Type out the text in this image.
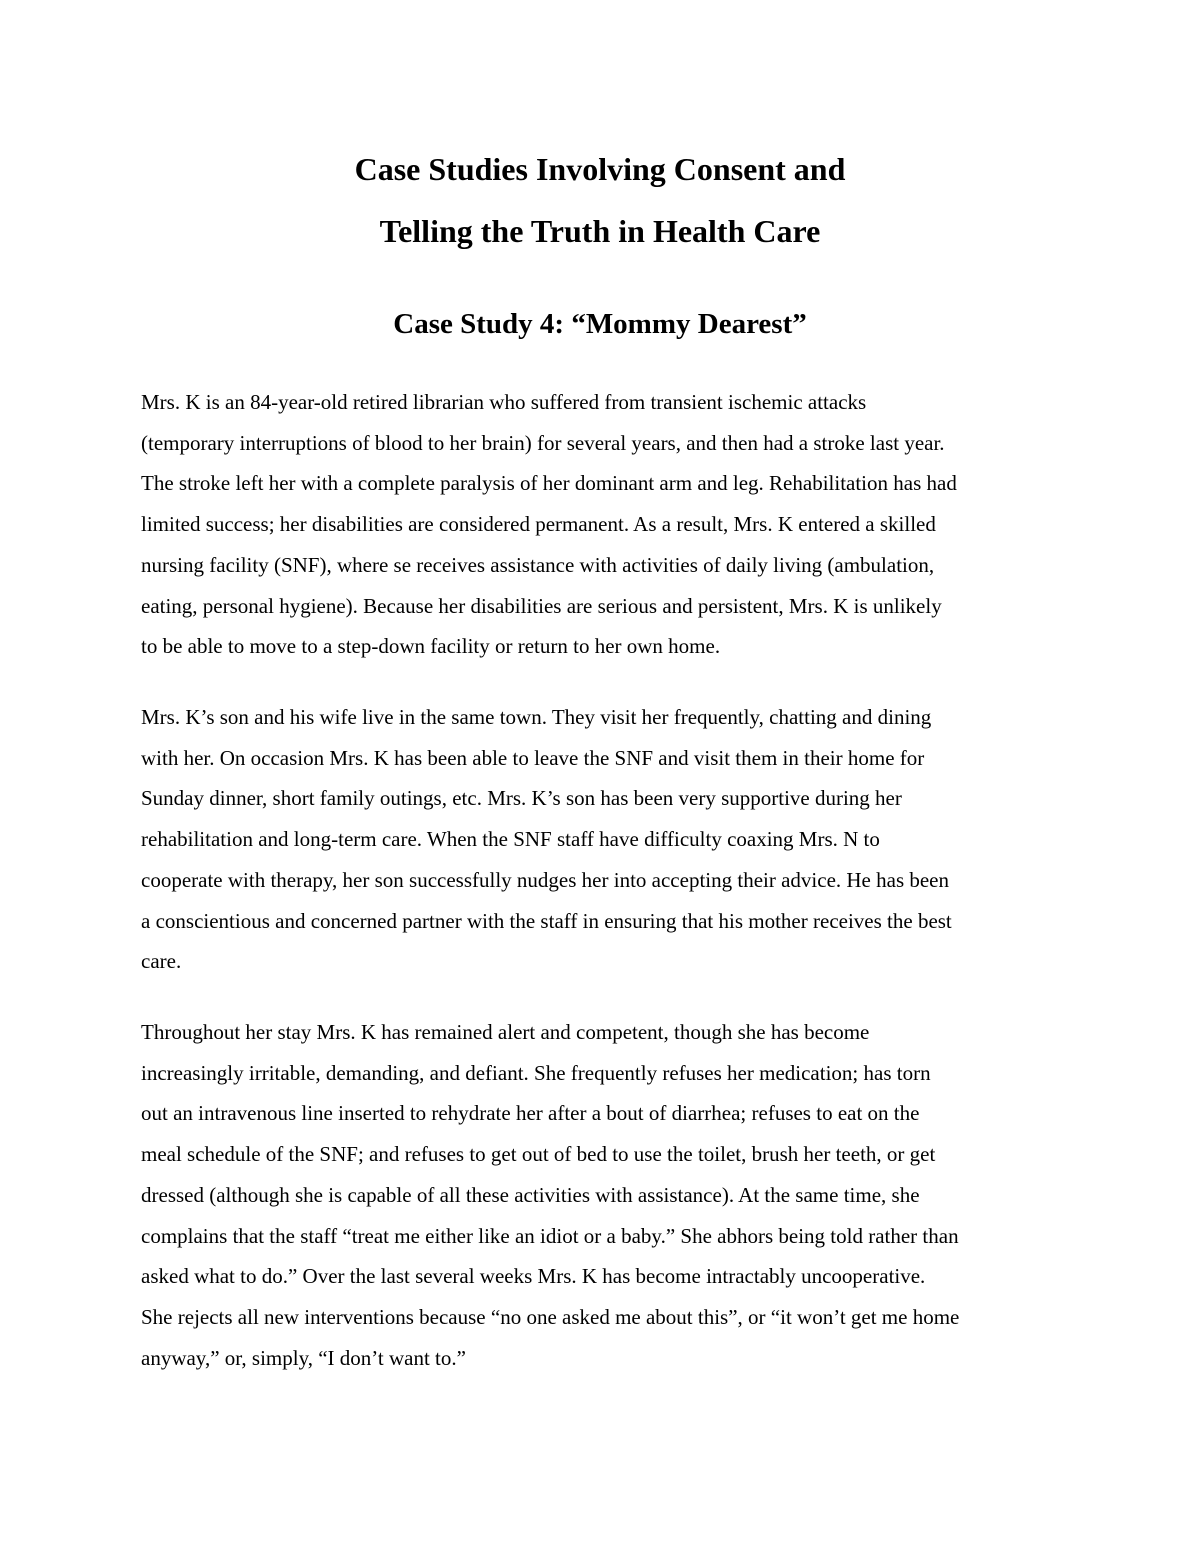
Case Studies Involving Consent and
Telling the Truth in Health Care
Case Study 4: “Mommy Dearest”
Mrs. K is an 84-year-old retired librarian who suffered from transient ischemic attacks
(temporary interruptions of blood to her brain) for several years, and then had a stroke last year.
The stroke left her with a complete paralysis of her dominant arm and leg. Rehabilitation has had
limited success; her disabilities are considered permanent. As a result, Mrs. K entered a skilled
nursing facility (SNF), where se receives assistance with activities of daily living (ambulation,
eating, personal hygiene). Because her disabilities are serious and persistent, Mrs. K is unlikely
to be able to move to a step-down facility or return to her own home.
Mrs. K’s son and his wife live in the same town. They visit her frequently, chatting and dining
with her. On occasion Mrs. K has been able to leave the SNF and visit them in their home for
Sunday dinner, short family outings, etc. Mrs. K’s son has been very supportive during her
rehabilitation and long-term care. When the SNF staff have difficulty coaxing Mrs. N to
cooperate with therapy, her son successfully nudges her into accepting their advice. He has been
a conscientious and concerned partner with the staff in ensuring that his mother receives the best
care.
Throughout her stay Mrs. K has remained alert and competent, though she has become
increasingly irritable, demanding, and defiant. She frequently refuses her medication; has torn
out an intravenous line inserted to rehydrate her after a bout of diarrhea; refuses to eat on the
meal schedule of the SNF; and refuses to get out of bed to use the toilet, brush her teeth, or get
dressed (although she is capable of all these activities with assistance). At the same time, she
complains that the staff “treat me either like an idiot or a baby.” She abhors being told rather than
asked what to do.” Over the last several weeks Mrs. K has become intractably uncooperative.
She rejects all new interventions because “no one asked me about this”, or “it won’t get me home
anyway,” or, simply, “I don’t want to.”
